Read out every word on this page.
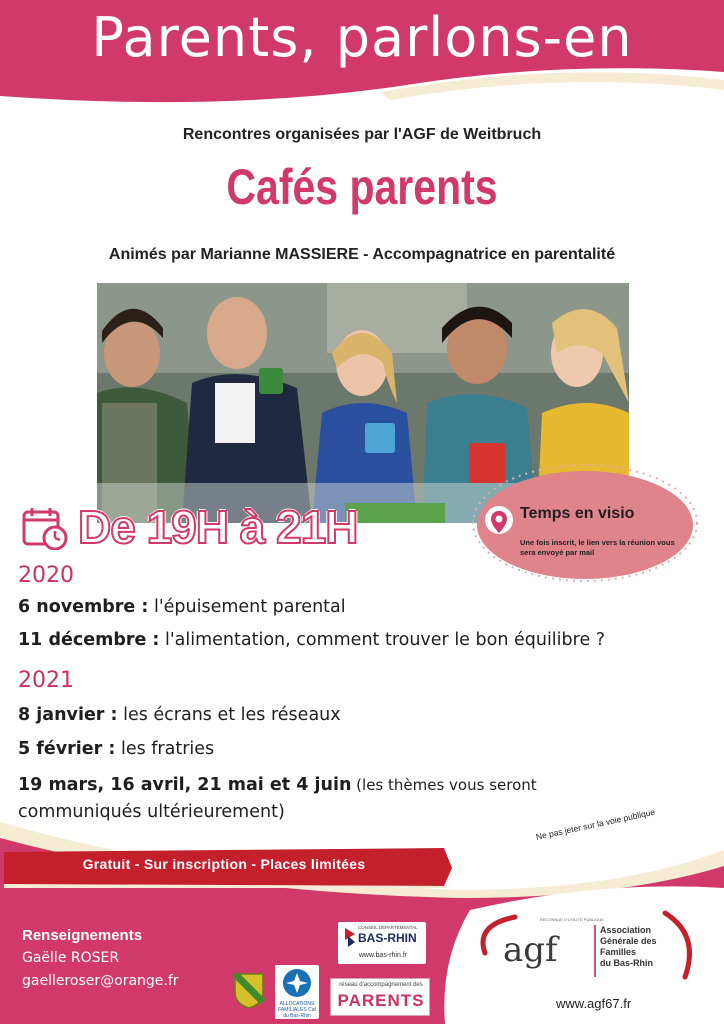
Parents, parlons-en
Rencontres organisées par l'AGF de Weitbruch
Cafés parents
Animés par Marianne MASSIERE - Accompagnatrice en parentalité
De 19H à 21H	Temps en visio
Une fois inscrit, le lien vers la réunion vous sera envoyé par mail
2020
6 novembre : l'épuisement parental
11 décembre : l'alimentation, comment trouver le bon équilibre ?
2021
8 janvier : les écrans et les réseaux
5 février : les fratries
19 mars, 16 avril, 21 mai et 4 juin (les thèmes vous seront communiqués ultérieurement)
Gratuit - Sur inscription - Places limitées
Ne pas jeter sur la voie publique
Renseignements
Gaëlle ROSER
gaelleroser@orange.fr
CONSEIL DÉPARTEMENTAL
BAS-RHIN
www.bas-rhin.fr
réseau d'accompagnement des
PARENTS
ALLOCATIONS FAMILIALES Caf du Bas-Rhin
RECONNUE D'UTILITÉ PUBLIQUE
agf	Association
Générale des
Familles
du Bas-Rhin
www.agf67.fr
